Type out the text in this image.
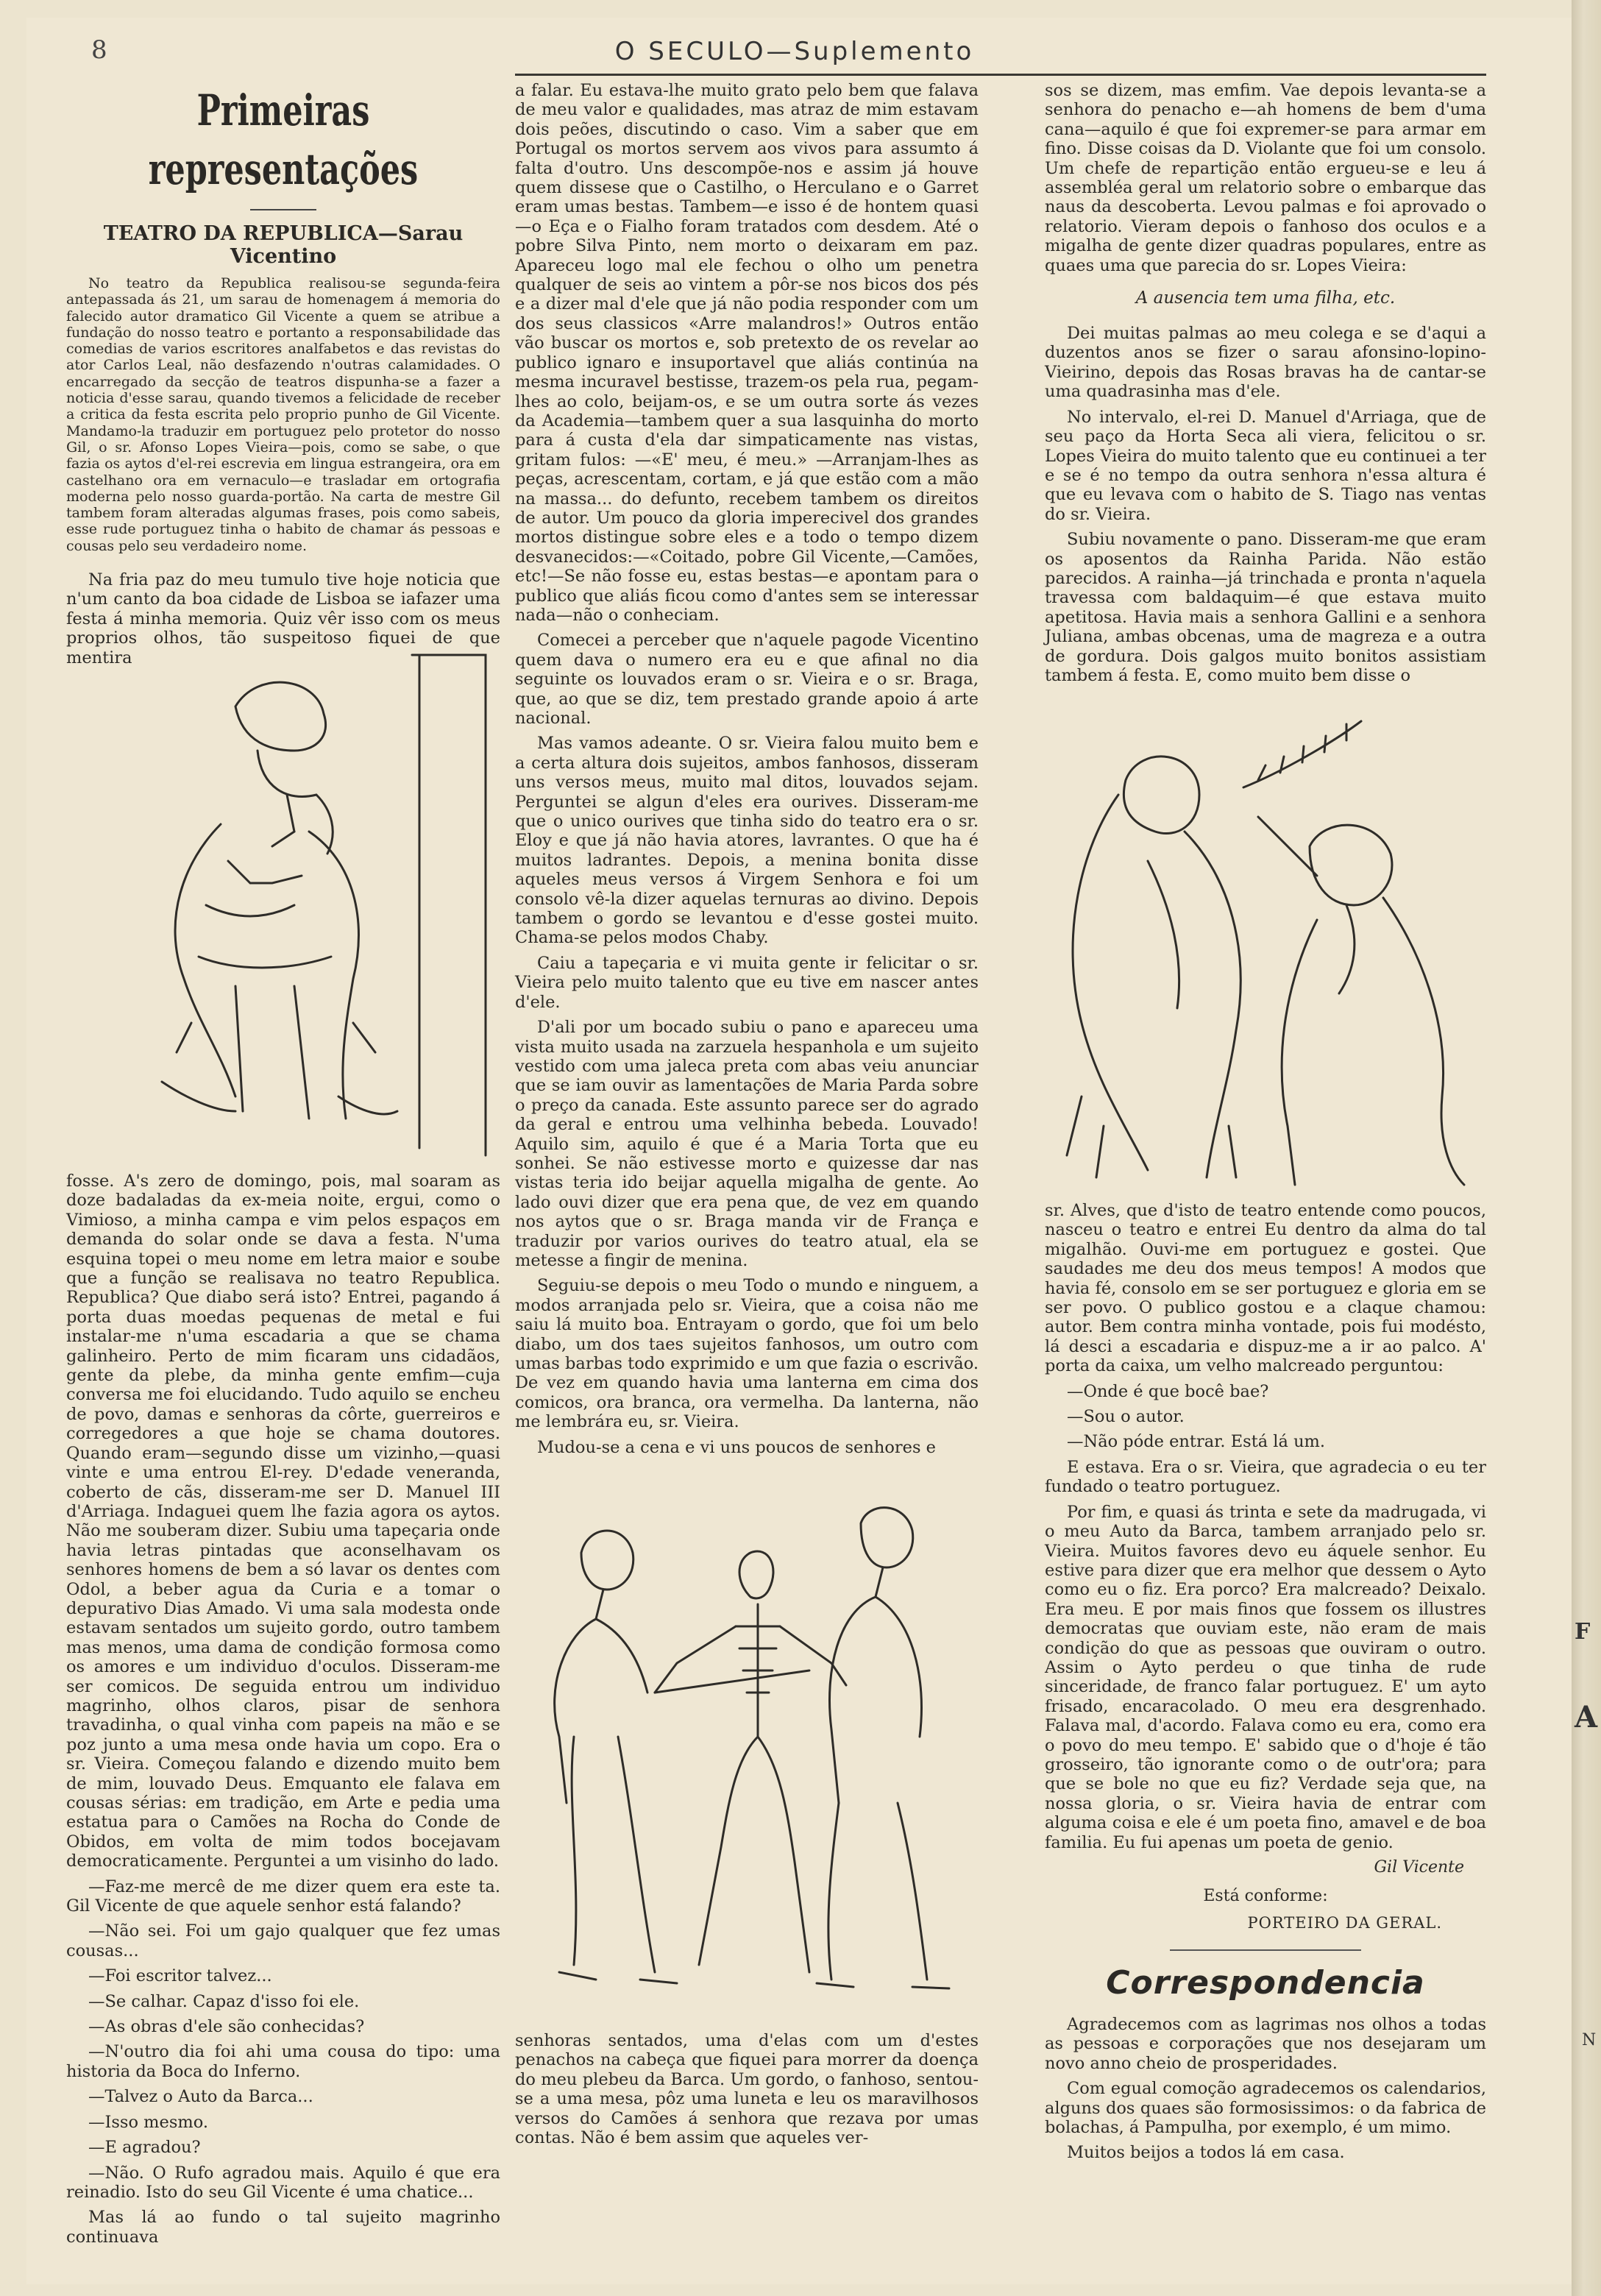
8	O SECULO—Suplemento
Primeiras representações
TEATRO DA REPUBLICA—Sarau Vicentino

No teatro da Republica realisou-se segunda-feira antepassada ás 21, um sarau de homenagem á memoria do falecido autor dramatico Gil Vicente a quem se atribue a fundação do nosso teatro e portanto a responsabilidade das comedias de varios escritores analfabetos e das revistas do ator Carlos Leal, não desfazendo n'outras calamidades. O encarregado da secção de teatros dispunha-se a fazer a noticia d'esse sarau, quando tivemos a felicidade de receber a critica da festa escrita pelo proprio punho de Gil Vicente. Mandamo-la traduzir em portuguez pelo protetor do nosso Gil, o sr. Afonso Lopes Vieira—pois, como se sabe, o que fazia os aytos d'el-rei escrevia em lingua estrangeira, ora em castelhano ora em vernaculo—e trasladar em ortografia moderna pelo nosso guarda-portão. Na carta de mestre Gil tambem foram alteradas algumas frases, pois como sabeis, esse rude portuguez tinha o habito de chamar ás pessoas e cousas pelo seu verdadeiro nome.

Na fria paz do meu tumulo tive hoje noticia que n'um canto da boa cidade de Lisboa se iafazer uma festa á minha memoria. Quiz vêr isso com os meus proprios olhos, tão suspeitoso fiquei de que mentira

fosse. A's zero de domingo, pois, mal soaram as doze badaladas da ex-meia noite, ergui, como o Vimioso, a minha campa e vim pelos espaços em demanda do solar onde se dava a festa. N'uma esquina topei o meu nome em letra maior e soube que a função se realisava no teatro Republica. Republica? Que diabo será isto? Entrei, pagando á porta duas moedas pequenas de metal e fui instalar-me n'uma escadaria a que se chama galinheiro. Perto de mim ficaram uns cidadãos, gente da plebe, da minha gente emfim—cuja conversa me foi elucidando. Tudo aquilo se encheu de povo, damas e senhoras da côrte, guerreiros e corregedores a que hoje se chama doutores. Quando eram—segundo disse um vizinho,—quasi vinte e uma entrou El-rey. D'edade veneranda, coberto de cãs, disseram-me ser D. Manuel III d'Arriaga. Indaguei quem lhe fazia agora os aytos. Não me souberam dizer. Subiu uma tapeçaria onde havia letras pintadas que aconselhavam os senhores homens de bem a só lavar os dentes com Odol, a beber agua da Curia e a tomar o depurativo Dias Amado. Vi uma sala modesta onde estavam sentados um sujeito gordo, outro tambem mas menos, uma dama de condição formosa como os amores e um individuo d'oculos. Disseram-me ser comicos. De seguida entrou um individuo magrinho, olhos claros, pisar de senhora travadinha, o qual vinha com papeis na mão e se poz junto a uma mesa onde havia um copo. Era o sr. Vieira. Começou falando e dizendo muito bem de mim, louvado Deus. Emquanto ele falava em cousas sérias: em tradição, em Arte e pedia uma estatua para o Camões na Rocha do Conde de Obidos, em volta de mim todos bocejavam democraticamente. Perguntei a um visinho do lado.

—Faz-me mercê de me dizer quem era este ta. Gil Vicente de que aquele senhor está falando?

—Não sei. Foi um gajo qualquer que fez umas cousas...

—Foi escritor talvez...

—Se calhar. Capaz d'isso foi ele.

—As obras d'ele são conhecidas?

—N'outro dia foi ahi uma cousa do tipo: uma historia da Boca do Inferno.

—Talvez o Auto da Barca...

—Isso mesmo.

—E agradou?

—Não. O Rufo agradou mais. Aquilo é que era reinadio. Isto do seu Gil Vicente é uma chatice...

Mas lá ao fundo o tal sujeito magrinho continuava

a falar. Eu estava-lhe muito grato pelo bem que falava de meu valor e qualidades, mas atraz de mim estavam dois peões, discutindo o caso. Vim a saber que em Portugal os mortos servem aos vivos para assumto á falta d'outro. Uns descompõe-nos e assim já houve quem dissese que o Castilho, o Herculano e o Garret eram umas bestas. Tambem—e isso é de hontem quasi—o Eça e o Fialho foram tratados com desdem. Até o pobre Silva Pinto, nem morto o deixaram em paz. Apareceu logo mal ele fechou o olho um penetra qualquer de seis ao vintem a pôr-se nos bicos dos pés e a dizer mal d'ele que já não podia responder com um dos seus classicos «Arre malandros!» Outros então vão buscar os mortos e, sob pretexto de os revelar ao publico ignaro e insuportavel que aliás continúa na mesma incuravel bestisse, trazem-os pela rua, pegam-lhes ao colo, beijam-os, e se um outra sorte ás vezes da Academia—tambem quer a sua lasquinha do morto para á custa d'ela dar simpaticamente nas vistas, gritam fulos: —«E' meu, é meu.» —Arranjam-lhes as peças, acrescentam, cortam, e já que estão com a mão na massa... do defunto, recebem tambem os direitos de autor. Um pouco da gloria imperecivel dos grandes mortos distingue sobre eles e a todo o tempo dizem desvanecidos:—«Coitado, pobre Gil Vicente,—Camões, etc!—Se não fosse eu, estas bestas—e apontam para o publico que aliás ficou como d'antes sem se interessar nada—não o conheciam.

Comecei a perceber que n'aquele pagode Vicentino quem dava o numero era eu e que afinal no dia seguinte os louvados eram o sr. Vieira e o sr. Braga, que, ao que se diz, tem prestado grande apoio á arte nacional.

Mas vamos adeante. O sr. Vieira falou muito bem e a certa altura dois sujeitos, ambos fanhosos, disseram uns versos meus, muito mal ditos, louvados sejam. Perguntei se algun d'eles era ourives. Disseram-me que o unico ourives que tinha sido do teatro era o sr. Eloy e que já não havia atores, lavrantes. O que ha é muitos ladrantes. Depois, a menina bonita disse aqueles meus versos á Virgem Senhora e foi um consolo vê-la dizer aquelas ternuras ao divino. Depois tambem o gordo se levantou e d'esse gostei muito. Chama-se pelos modos Chaby.

Caiu a tapeçaria e vi muita gente ir felicitar o sr. Vieira pelo muito talento que eu tive em nascer antes d'ele.

D'ali por um bocado subiu o pano e apareceu uma vista muito usada na zarzuela hespanhola e um sujeito vestido com uma jaleca preta com abas veiu anunciar que se iam ouvir as lamentações de Maria Parda sobre o preço da canada. Este assunto parece ser do agrado da geral e entrou uma velhinha bebeda. Louvado! Aquilo sim, aquilo é que é a Maria Torta que eu sonhei. Se não estivesse morto e quizesse dar nas vistas teria ido beijar aquella migalha de gente. Ao lado ouvi dizer que era pena que, de vez em quando nos aytos que o sr. Braga manda vir de França e traduzir por varios ourives do teatro atual, ela se metesse a fingir de menina.

Seguiu-se depois o meu Todo o mundo e ninguem, a modos arranjada pelo sr. Vieira, que a coisa não me saiu lá muito boa. Entrayam o gordo, que foi um belo diabo, um dos taes sujeitos fanhosos, um outro com umas barbas todo exprimido e um que fazia o escrivão. De vez em quando havia uma lanterna em cima dos comicos, ora branca, ora vermelha. Da lanterna, não me lembrára eu, sr. Vieira.

Mudou-se a cena e vi uns poucos de senhores e

senhoras sentados, uma d'elas com um d'estes penachos na cabeça que fiquei para morrer da doença do meu plebeu da Barca. Um gordo, o fanhoso, sentou-se a uma mesa, pôz uma luneta e leu os maravilhosos versos do Camões á senhora que rezava por umas contas. Não é bem assim que aqueles ver-

sos se dizem, mas emfim. Vae depois levanta-se a senhora do penacho e—ah homens de bem d'uma cana—aquilo é que foi expremer-se para armar em fino. Disse coisas da D. Violante que foi um consolo. Um chefe de repartição então ergueu-se e leu á assembléa geral um relatorio sobre o embarque das naus da descoberta. Levou palmas e foi aprovado o relatorio. Vieram depois o fanhoso dos oculos e a migalha de gente dizer quadras populares, entre as quaes uma que parecia do sr. Lopes Vieira:

A ausencia tem uma filha, etc.

Dei muitas palmas ao meu colega e se d'aqui a duzentos anos se fizer o sarau afonsino-lopino-Vieirino, depois das Rosas bravas ha de cantar-se uma quadrasinha mas d'ele.

No intervalo, el-rei D. Manuel d'Arriaga, que de seu paço da Horta Seca ali viera, felicitou o sr. Lopes Vieira do muito talento que eu continuei a ter e se é no tempo da outra senhora n'essa altura é que eu levava com o habito de S. Tiago nas ventas do sr. Vieira.

Subiu novamente o pano. Disseram-me que eram os aposentos da Rainha Parida. Não estão parecidos. A rainha—já trinchada e pronta n'aquela travessa com baldaquim—é que estava muito apetitosa. Havia mais a senhora Gallini e a senhora Juliana, ambas obcenas, uma de magreza e a outra de gordura. Dois galgos muito bonitos assistiam tambem á festa. E, como muito bem disse o

sr. Alves, que d'isto de teatro entende como poucos, nasceu o teatro e entrei Eu dentro da alma do tal migalhão. Ouvi-me em portuguez e gostei. Que saudades me deu dos meus tempos! A modos que havia fé, consolo em se ser portuguez e gloria em se ser povo. O publico gostou e a claque chamou: autor. Bem contra minha vontade, pois fui modésto, lá desci a escadaria e dispuz-me a ir ao palco. A' porta da caixa, um velho malcreado perguntou:

—Onde é que bocê bae?

—Sou o autor.

—Não póde entrar. Está lá um.

E estava. Era o sr. Vieira, que agradecia o eu ter fundado o teatro portuguez.

Por fim, e quasi ás trinta e sete da madrugada, vi o meu Auto da Barca, tambem arranjado pelo sr. Vieira. Muitos favores devo eu áquele senhor. Eu estive para dizer que era melhor que dessem o Ayto como eu o fiz. Era porco? Era malcreado? Deixalo. Era meu. E por mais finos que fossem os illustres democratas que ouviam este, não eram de mais condição do que as pessoas que ouviram o outro. Assim o Ayto perdeu o que tinha de rude sinceridade, de franco falar portuguez. E' um ayto frisado, encaracolado. O meu era desgrenhado. Falava mal, d'acordo. Falava como eu era, como era o povo do meu tempo. E' sabido que o d'hoje é tão grosseiro, tão ignorante como o de outr'ora; para que se bole no que eu fiz? Verdade seja que, na nossa gloria, o sr. Vieira havia de entrar com alguma coisa e ele é um poeta fino, amavel e de boa familia. Eu fui apenas um poeta de genio.

Gil Vicente
Está conforme:
PORTEIRO DA GERAL.
Correspondencia

Agradecemos com as lagrimas nos olhos a todas as pessoas e corporações que nos desejaram um novo anno cheio de prosperidades.

Com egual comoção agradecemos os calendarios, alguns dos quaes são formosissimos: o da fabrica de bolachas, á Pampulha, por exemplo, é um mimo.

Muitos beijos a todos lá em casa.

F
A
N
